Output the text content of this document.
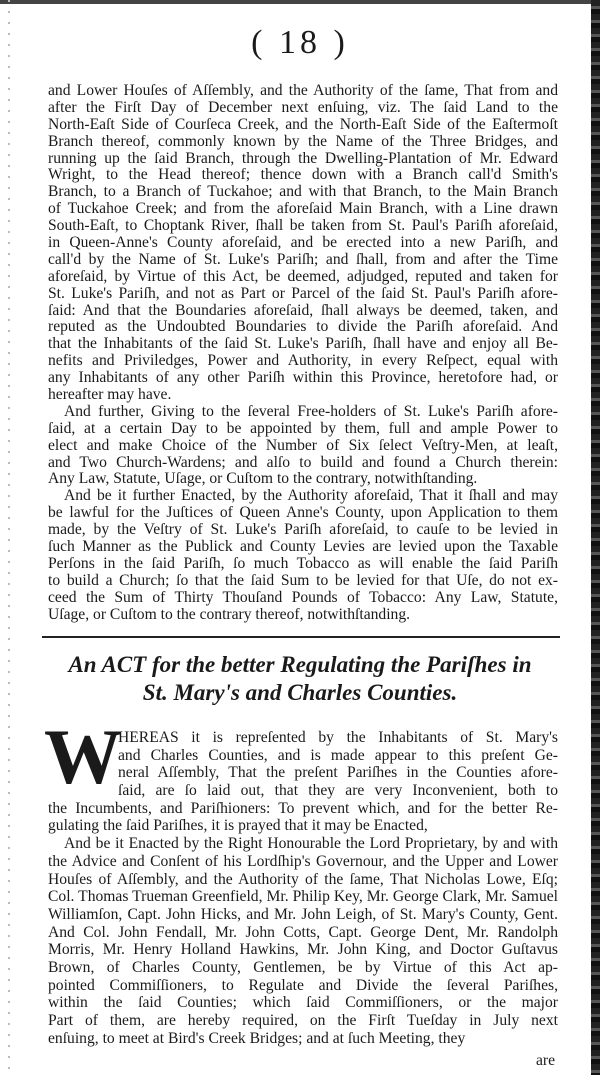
( 18 )
and Lower Houſes of Aſſembly, and the Authority of the ſame, That from and
after the Firſt Day of December next enſuing, viz. The ſaid Land to the
North-Eaſt Side of Courſeca Creek, and the North-Eaſt Side of the Eaſtermoſt
Branch thereof, commonly known by the Name of the Three Bridges, and
running up the ſaid Branch, through the Dwelling-Plantation of Mr. Edward
Wright, to the Head thereof; thence down with a Branch call'd Smith's
Branch, to a Branch of Tuckahoe; and with that Branch, to the Main Branch
of Tuckahoe Creek; and from the aforeſaid Main Branch, with a Line drawn
South-Eaſt, to Choptank River, ſhall be taken from St. Paul's Pariſh aforeſaid,
in Queen-Anne's County aforeſaid, and be erected into a new Pariſh, and
call'd by the Name of St. Luke's Pariſh; and ſhall, from and after the Time
aforeſaid, by Virtue of this Act, be deemed, adjudged, reputed and taken for
St. Luke's Pariſh, and not as Part or Parcel of the ſaid St. Paul's Pariſh afore-
ſaid: And that the Boundaries aforeſaid, ſhall always be deemed, taken, and
reputed as the Undoubted Boundaries to divide the Pariſh aforeſaid. And
that the Inhabitants of the ſaid St. Luke's Pariſh, ſhall have and enjoy all Be-
nefits and Priviledges, Power and Authority, in every Reſpect, equal with
any Inhabitants of any other Pariſh within this Province, heretofore had, or
hereafter may have.
And further, Giving to the ſeveral Free-holders of St. Luke's Pariſh afore-
ſaid, at a certain Day to be appointed by them, full and ample Power to
elect and make Choice of the Number of Six ſelect Veſtry-Men, at leaſt,
and Two Church-Wardens; and alſo to build and found a Church therein:
Any Law, Statute, Uſage, or Cuſtom to the contrary, notwithſtanding.
And be it further Enacted, by the Authority aforeſaid, That it ſhall and may
be lawful for the Juſtices of Queen Anne's County, upon Application to them
made, by the Veſtry of St. Luke's Pariſh aforeſaid, to cauſe to be levied in
ſuch Manner as the Publick and County Levies are levied upon the Taxable
Perſons in the ſaid Pariſh, ſo much Tobacco as will enable the ſaid Pariſh
to build a Church; ſo that the ſaid Sum to be levied for that Uſe, do not ex-
ceed the Sum of Thirty Thouſand Pounds of Tobacco: Any Law, Statute,
Uſage, or Cuſtom to the contrary thereof, notwithſtanding.
An ACT for the better Regulating the Pariſhes in
St. Mary's and Charles Counties.
W
HEREAS it is repreſented by the Inhabitants of St. Mary's
and Charles Counties, and is made appear to this preſent Ge-
neral Aſſembly, That the preſent Pariſhes in the Counties afore-
ſaid, are ſo laid out, that they are very Inconvenient, both to
the Incumbents, and Pariſhioners: To prevent which, and for the better Re-
gulating the ſaid Pariſhes, it is prayed that it may be Enacted,
And be it Enacted by the Right Honourable the Lord Proprietary, by and with
the Advice and Conſent of his Lordſhip's Governour, and the Upper and Lower
Houſes of Aſſembly, and the Authority of the ſame, That Nicholas Lowe, Eſq;
Col. Thomas Trueman Greenfield, Mr. Philip Key, Mr. George Clark, Mr. Samuel
Williamſon, Capt. John Hicks, and Mr. John Leigh, of St. Mary's County, Gent.
And Col. John Fendall, Mr. John Cotts, Capt. George Dent, Mr. Randolph
Morris, Mr. Henry Holland Hawkins, Mr. John King, and Doctor Guſtavus
Brown, of Charles County, Gentlemen, be by Virtue of this Act ap-
pointed Commiſſioners, to Regulate and Divide the ſeveral Pariſhes,
within the ſaid Counties; which ſaid Commiſſioners, or the major
Part of them, are hereby required, on the Firſt Tueſday in July next
enſuing, to meet at Bird's Creek Bridges; and at ſuch Meeting, they
are
